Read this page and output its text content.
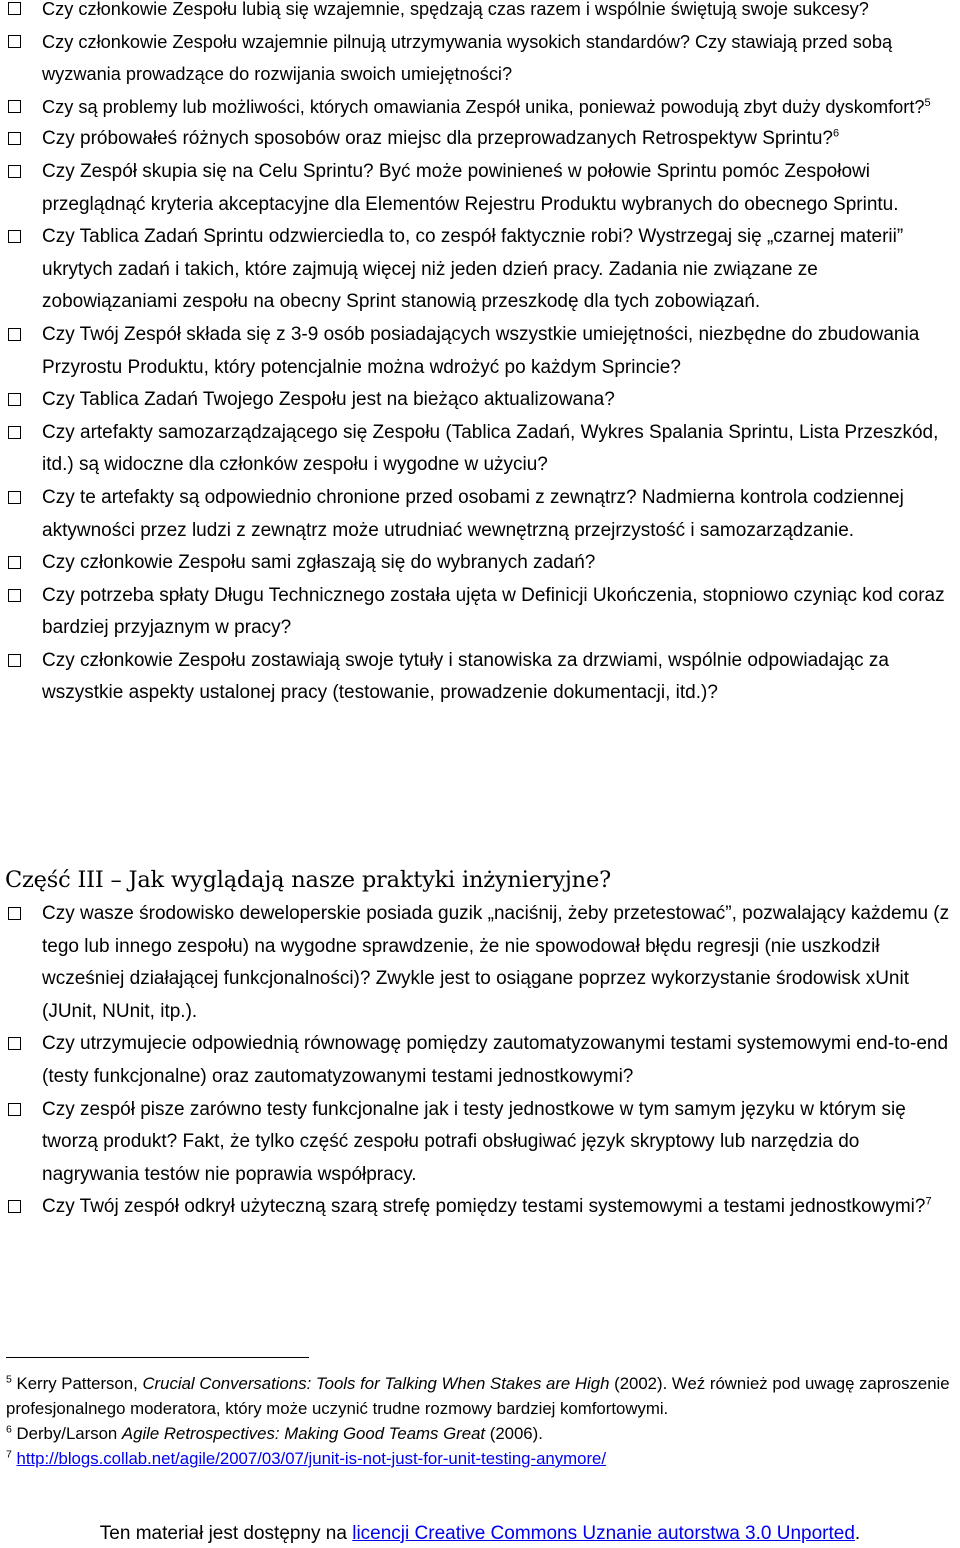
Czy członkowie Zespołu lubią się wzajemnie, spędzają czas razem i wspólnie świętują swoje sukcesy?
Czy członkowie Zespołu wzajemnie pilnują utrzymywania wysokich standardów? Czy stawiają przed sobą wyzwania prowadzące do rozwijania swoich umiejętności?
Czy są problemy lub możliwości, których omawiania Zespół unika, ponieważ powodują zbyt duży dyskomfort?$^5$
Czy próbowałeś różnych sposobów oraz miejsc dla przeprowadzanych Retrospektyw Sprintu?$^6$
Czy Zespół skupia się na Celu Sprintu? Być może powinieneś w połowie Sprintu pomóc Zespołowi przeglądnąć kryteria akceptacyjne dla Elementów Rejestru Produktu wybranych do obecnego Sprintu.
Czy Tablica Zadań Sprintu odzwierciedla to, co zespół faktycznie robi? Wystrzegaj się „czarnej materii” ukrytych zadań i takich, które zajmują więcej niż jeden dzień pracy. Zadania nie związane ze zobowiązaniami zespołu na obecny Sprint stanowią przeszkodę dla tych zobowiązań.
Czy Twój Zespół składa się z 3-9 osób posiadających wszystkie umiejętności, niezbędne do zbudowania Przyrostu Produktu, który potencjalnie można wdrożyć po każdym Sprincie?
Czy Tablica Zadań Twojego Zespołu jest na bieżąco aktualizowana?
Czy artefakty samozarządzającego się Zespołu (Tablica Zadań, Wykres Spalania Sprintu, Lista Przeszkód, itd.) są widoczne dla członków zespołu i wygodne w użyciu?
Czy te artefakty są odpowiednio chronione przed osobami z zewnątrz? Nadmierna kontrola codziennej aktywności przez ludzi z zewnątrz może utrudniać wewnętrzną przejrzystość i samozarządzanie.
Czy członkowie Zespołu sami zgłaszają się do wybranych zadań?
Czy potrzeba spłaty Długu Technicznego została ujęta w Definicji Ukończenia, stopniowo czyniąc kod coraz bardziej przyjaznym w pracy?
Czy członkowie Zespołu zostawiają swoje tytuły i stanowiska za drzwiami, wspólnie odpowiadając za wszystkie aspekty ustalonej pracy (testowanie, prowadzenie dokumentacji, itd.)?
Część III – Jak wyglądają nasze praktyki inżynieryjne?
Czy wasze środowisko deweloperskie posiada guzik „naciśnij, żeby przetestować”, pozwalający każdemu (z tego lub innego zespołu) na wygodne sprawdzenie, że nie spowodował błędu regresji (nie uszkodził wcześniej działającej funkcjonalności)? Zwykle jest to osiągane poprzez wykorzystanie środowisk xUnit (JUnit, NUnit, itp.).
Czy utrzymujecie odpowiednią równowagę pomiędzy zautomatyzowanymi testami systemowymi end-to-end (testy funkcjonalne) oraz zautomatyzowanymi testami jednostkowymi?
Czy zespół pisze zarówno testy funkcjonalne jak i testy jednostkowe w tym samym języku w którym się tworzą produkt? Fakt, że tylko część zespołu potrafi obsługiwać język skryptowy lub narzędzia do nagrywania testów nie poprawia współpracy.
Czy Twój zespół odkrył użyteczną szarą strefę pomiędzy testami systemowymi a testami jednostkowymi?$^7$

$^5$ Kerry Patterson, Crucial Conversations: Tools for Talking When Stakes are High (2002). Weź również pod uwagę zaproszenie profesjonalnego moderatora, który może uczynić trudne rozmowy bardziej komfortowymi.

$^6$ Derby/Larson Agile Retrospectives: Making Good Teams Great (2006).

$^7$ http://blogs.collab.net/agile/2007/03/07/junit-is-not-just-for-unit-testing-anymore/

Ten materiał jest dostępny na licencji Creative Commons Uznanie autorstwa 3.0 Unported.
